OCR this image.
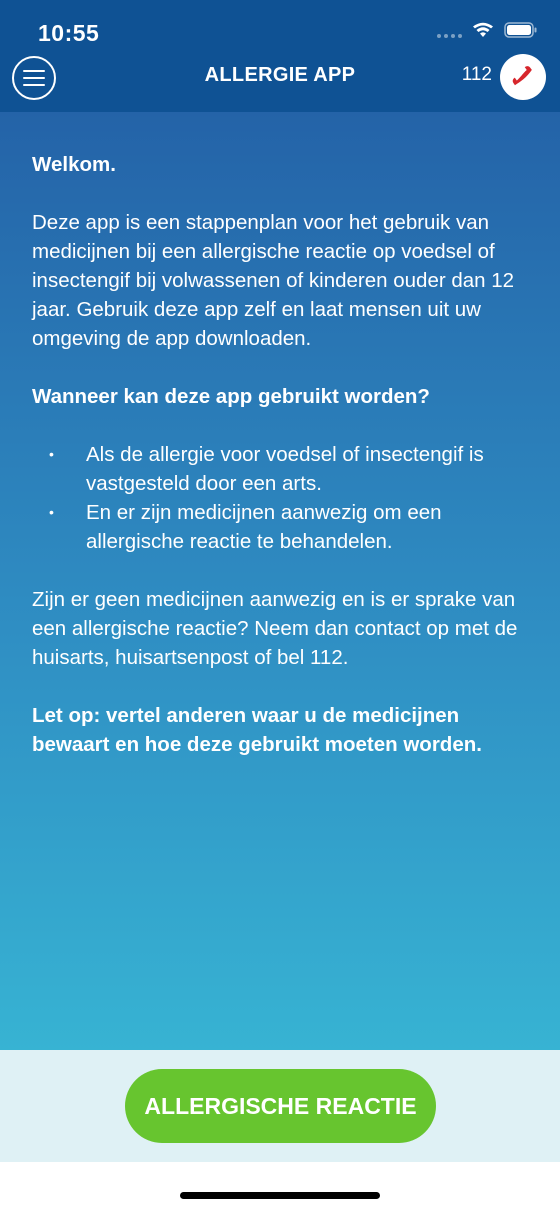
10:55
ALLERGIE APP	112

Welkom.

Deze app is een stappenplan voor het gebruik van medicijnen bij een allergische reactie op voedsel of insectengif bij volwassenen of kinderen ouder dan 12 jaar. Gebruik deze app zelf en laat mensen uit uw omgeving de app downloaden.

Wanneer kan deze app gebruikt worden?

• Als de allergie voor voedsel of insectengif is vastgesteld door een arts.
• En er zijn medicijnen aanwezig om een allergische reactie te behandelen.

Zijn er geen medicijnen aanwezig en is er sprake van een allergische reactie? Neem dan contact op met de huisarts, huisartsenpost of bel 112.

Let op: vertel anderen waar u de medicijnen bewaart en hoe deze gebruikt moeten worden.

ALLERGISCHE REACTIE
